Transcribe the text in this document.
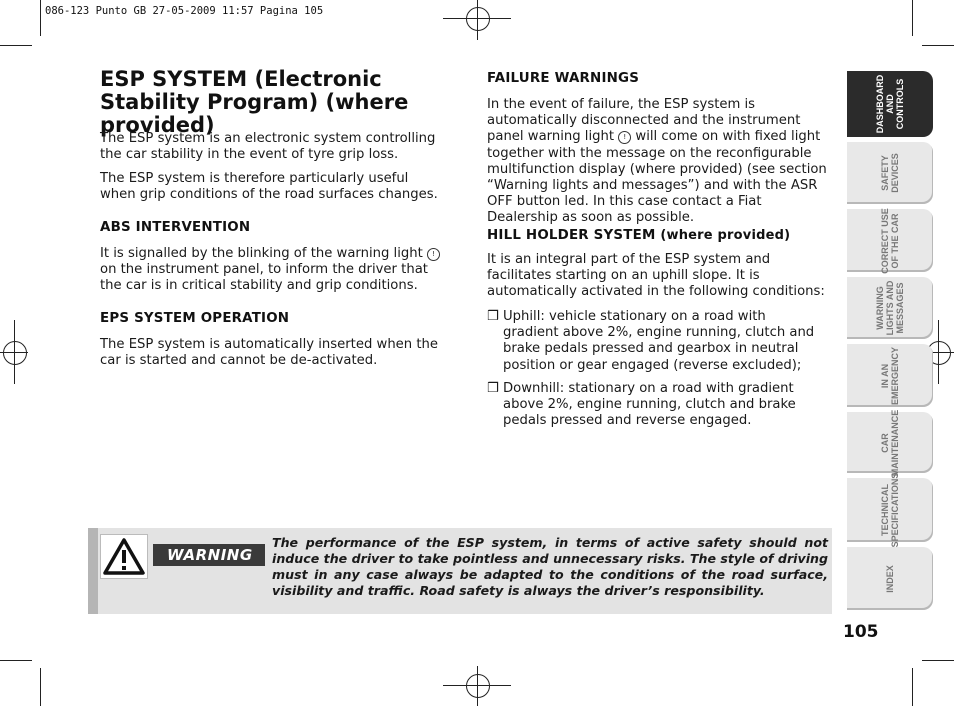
086-123 Punto GB 27-05-2009 11:57 Pagina 105
ESP SYSTEM (Electronic Stability Program) (where provided)
The ESP system is an electronic system controlling the car stability in the event of tyre grip loss.
The ESP system is therefore particularly useful when grip conditions of the road surfaces changes.
ABS INTERVENTION
It is signalled by the blinking of the warning light ! on the instrument panel, to inform the driver that the car is in critical stability and grip conditions.
EPS SYSTEM OPERATION
The ESP system is automatically inserted when the car is started and cannot be de-activated.
FAILURE WARNINGS
In the event of failure, the ESP system is automatically disconnected and the instrument panel warning light ! will come on with fixed light together with the message on the reconfigurable multifunction display (where provided) (see section “Warning lights and messages”) and with the ASR OFF button led. In this case contact a Fiat Dealership as soon as possible.
HILL HOLDER SYSTEM (where provided)
It is an integral part of the ESP system and facilitates starting on an uphill slope. It is automatically activated in the following conditions:
❒ Uphill: vehicle stationary on a road with gradient above 2%, engine running, clutch and brake pedals pressed and gearbox in neutral position or gear engaged (reverse excluded);
❒ Downhill: stationary on a road with gradient above 2%, engine running, clutch and brake pedals pressed and reverse engaged.
WARNING
The performance of the ESP system, in terms of active safety should not induce the driver to take pointless and unnecessary risks. The style of driving must in any case always be adapted to the conditions of the road surface, visibility and traffic. Road safety is always the driver’s responsibility.
DASHBOARD
AND
CONTROLS
SAFETY
DEVICES
CORRECT USE
OF THE CAR
WARNING
LIGHTS AND
MESSAGES
IN AN
EMERGENCY
CAR
MAINTENANCE
TECHNICAL
SPECIFICATIONS
INDEX
105
